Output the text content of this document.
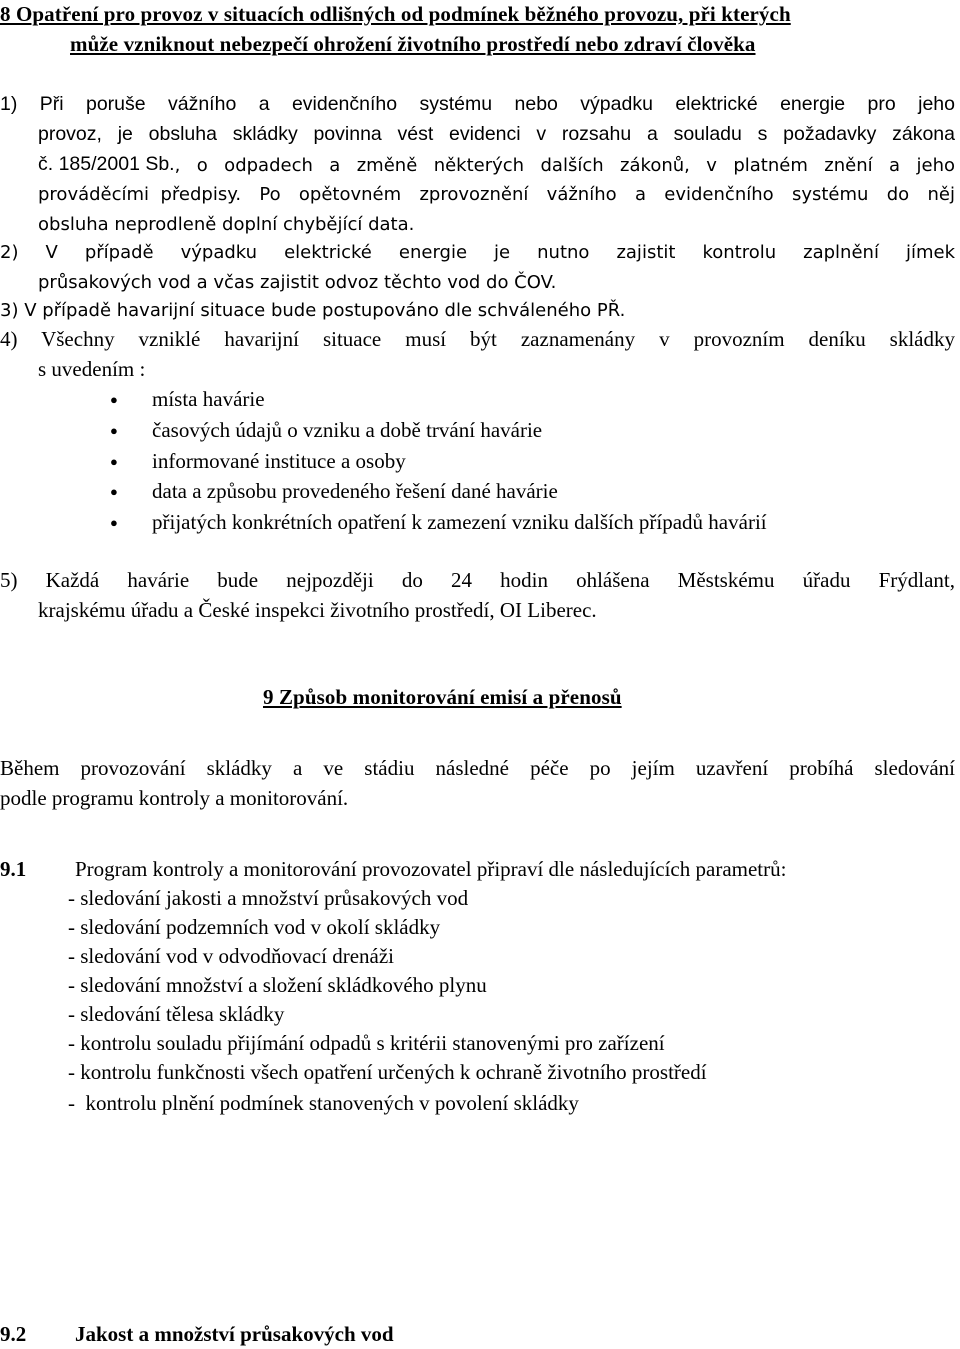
8 Opatření pro provoz v situacích odlišných od podmínek běžného provozu, při kterých
může vzniknout nebezpečí ohrožení životního prostředí nebo zdraví člověka
1) Při poruše vážního a evidenčního systému nebo výpadku elektrické energie pro jeho
provoz, je obsluha skládky povinna vést evidenci v rozsahu a souladu s požadavky zákona
č. 185/2001 Sb. , o odpadech a změně některých dalších zákonů, v platném znění a jeho
prováděcími  předpisy. Po opětovném zprovoznění vážního a evidenčního systému do něj
obsluha neprodleně doplní chybějící data.
2) V případě výpadku elektrické energie je nutno zajistit kontrolu zaplnění jímek
průsakových vod a včas zajistit odvoz těchto vod do ČOV.
3) V případě havarijní situace bude postupováno dle schváleného PŘ.
4) Všechny vzniklé havarijní situace musí být zaznamenány v provozním deníku skládky
s uvedením :
● místa havárie
● časových údajů o vzniku a době trvání havárie
● informované instituce a osoby
● data a způsobu provedeného řešení dané havárie
● přijatých konkrétních opatření k zamezení vzniku dalších případů havárií
5) Každá havárie bude nejpozději do 24 hodin ohlášena Městskému úřadu Frýdlant,
krajskému úřadu a České inspekci životního prostředí, OI Liberec.
9 Způsob monitorování emisí a přenosů
Během provozování skládky a ve stádiu následné péče po jejím uzavření probíhá sledování
podle programu kontroly a monitorování.
9.1 Program kontroly a monitorování provozovatel připraví dle následujících parametrů:
- sledování jakosti a množství průsakových vod
- sledování podzemních vod v okolí skládky
- sledování vod v odvodňovací drenáži
- sledování množství a složení skládkového plynu
- sledování tělesa skládky
- kontrolu souladu přijímání odpadů s kritérii stanovenými pro zařízení
- kontrolu funkčnosti všech opatření určených k ochraně životního prostředí
-  kontrolu plnění podmínek stanovených v povolení skládky
9.2 Jakost a množství průsakových vod
